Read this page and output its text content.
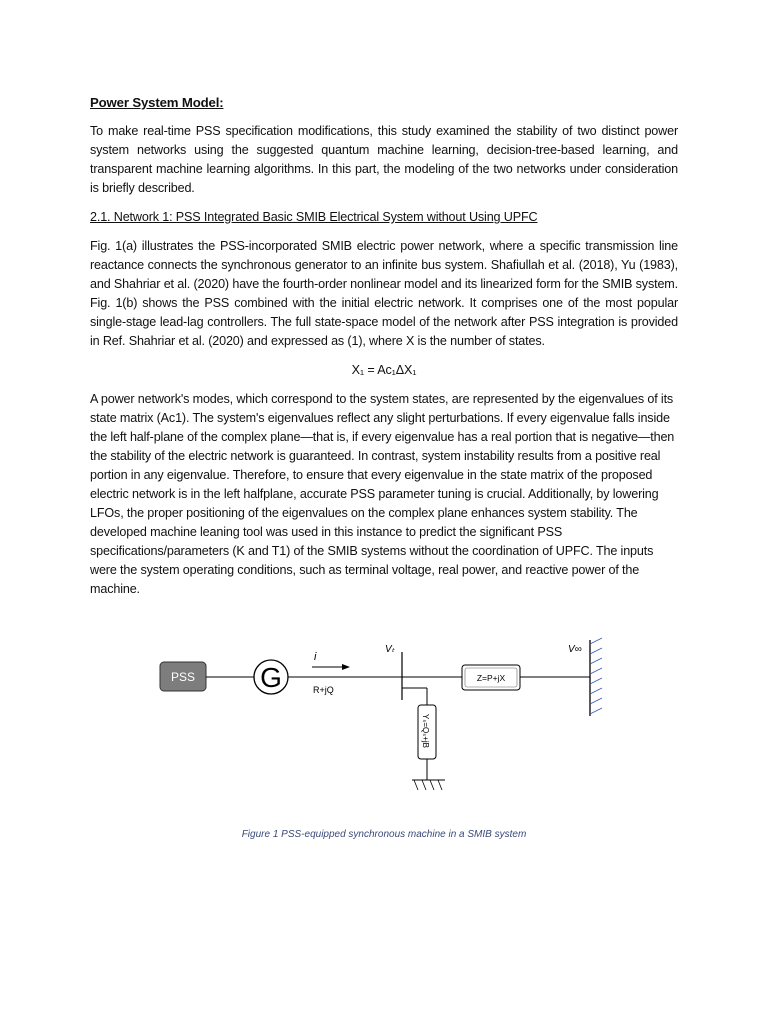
Power System Model:

To make real-time PSS specification modifications, this study examined the stability of two distinct power system networks using the suggested quantum machine learning, decision-tree-based learning, and transparent machine learning algorithms. In this part, the modeling of the two networks under consideration is briefly described.

2.1. Network 1: PSS Integrated Basic SMIB Electrical System without Using UPFC

Fig. 1(a) illustrates the PSS-incorporated SMIB electric power network, where a specific transmission line reactance connects the synchronous generator to an infinite bus system. Shafiullah et al. (2018), Yu (1983), and Shahriar et al. (2020) have the fourth-order nonlinear model and its linearized form for the SMIB system. Fig. 1(b) shows the PSS combined with the initial electric network. It comprises one of the most popular single-stage lead-lag controllers. The full state-space model of the network after PSS integration is provided in Ref. Shahriar et al. (2020) and expressed as (1), where X is the number of states.

X₁ = Ac₁ΔX₁

A power network's modes, which correspond to the system states, are represented by the eigenvalues of its state matrix (Ac1). The system's eigenvalues reflect any slight perturbations. If every eigenvalue falls inside the left half-plane of the complex plane—that is, if every eigenvalue has a real portion that is negative—then the stability of the electric network is guaranteed. In contrast, system instability results from a positive real portion in any eigenvalue. Therefore, to ensure that every eigenvalue in the state matrix of the proposed electric network is in the left halfplane, accurate PSS parameter tuning is crucial. Additionally, by lowering LFOs, the proper positioning of the eigenvalues on the complex plane enhances system stability. The developed machine leaning tool was used in this instance to predict the significant PSS specifications/parameters (K and T1) of the SMIB systems without the coordination of UPFC. The inputs were the system operating conditions, such as terminal voltage, real power, and reactive power of the machine.

PSS G
i
R+jQ
Vₜ
Yₛ=Qₛ+jB
Z=P+jX
V∞
Figure 1 PSS-equipped synchronous machine in a SMIB system
